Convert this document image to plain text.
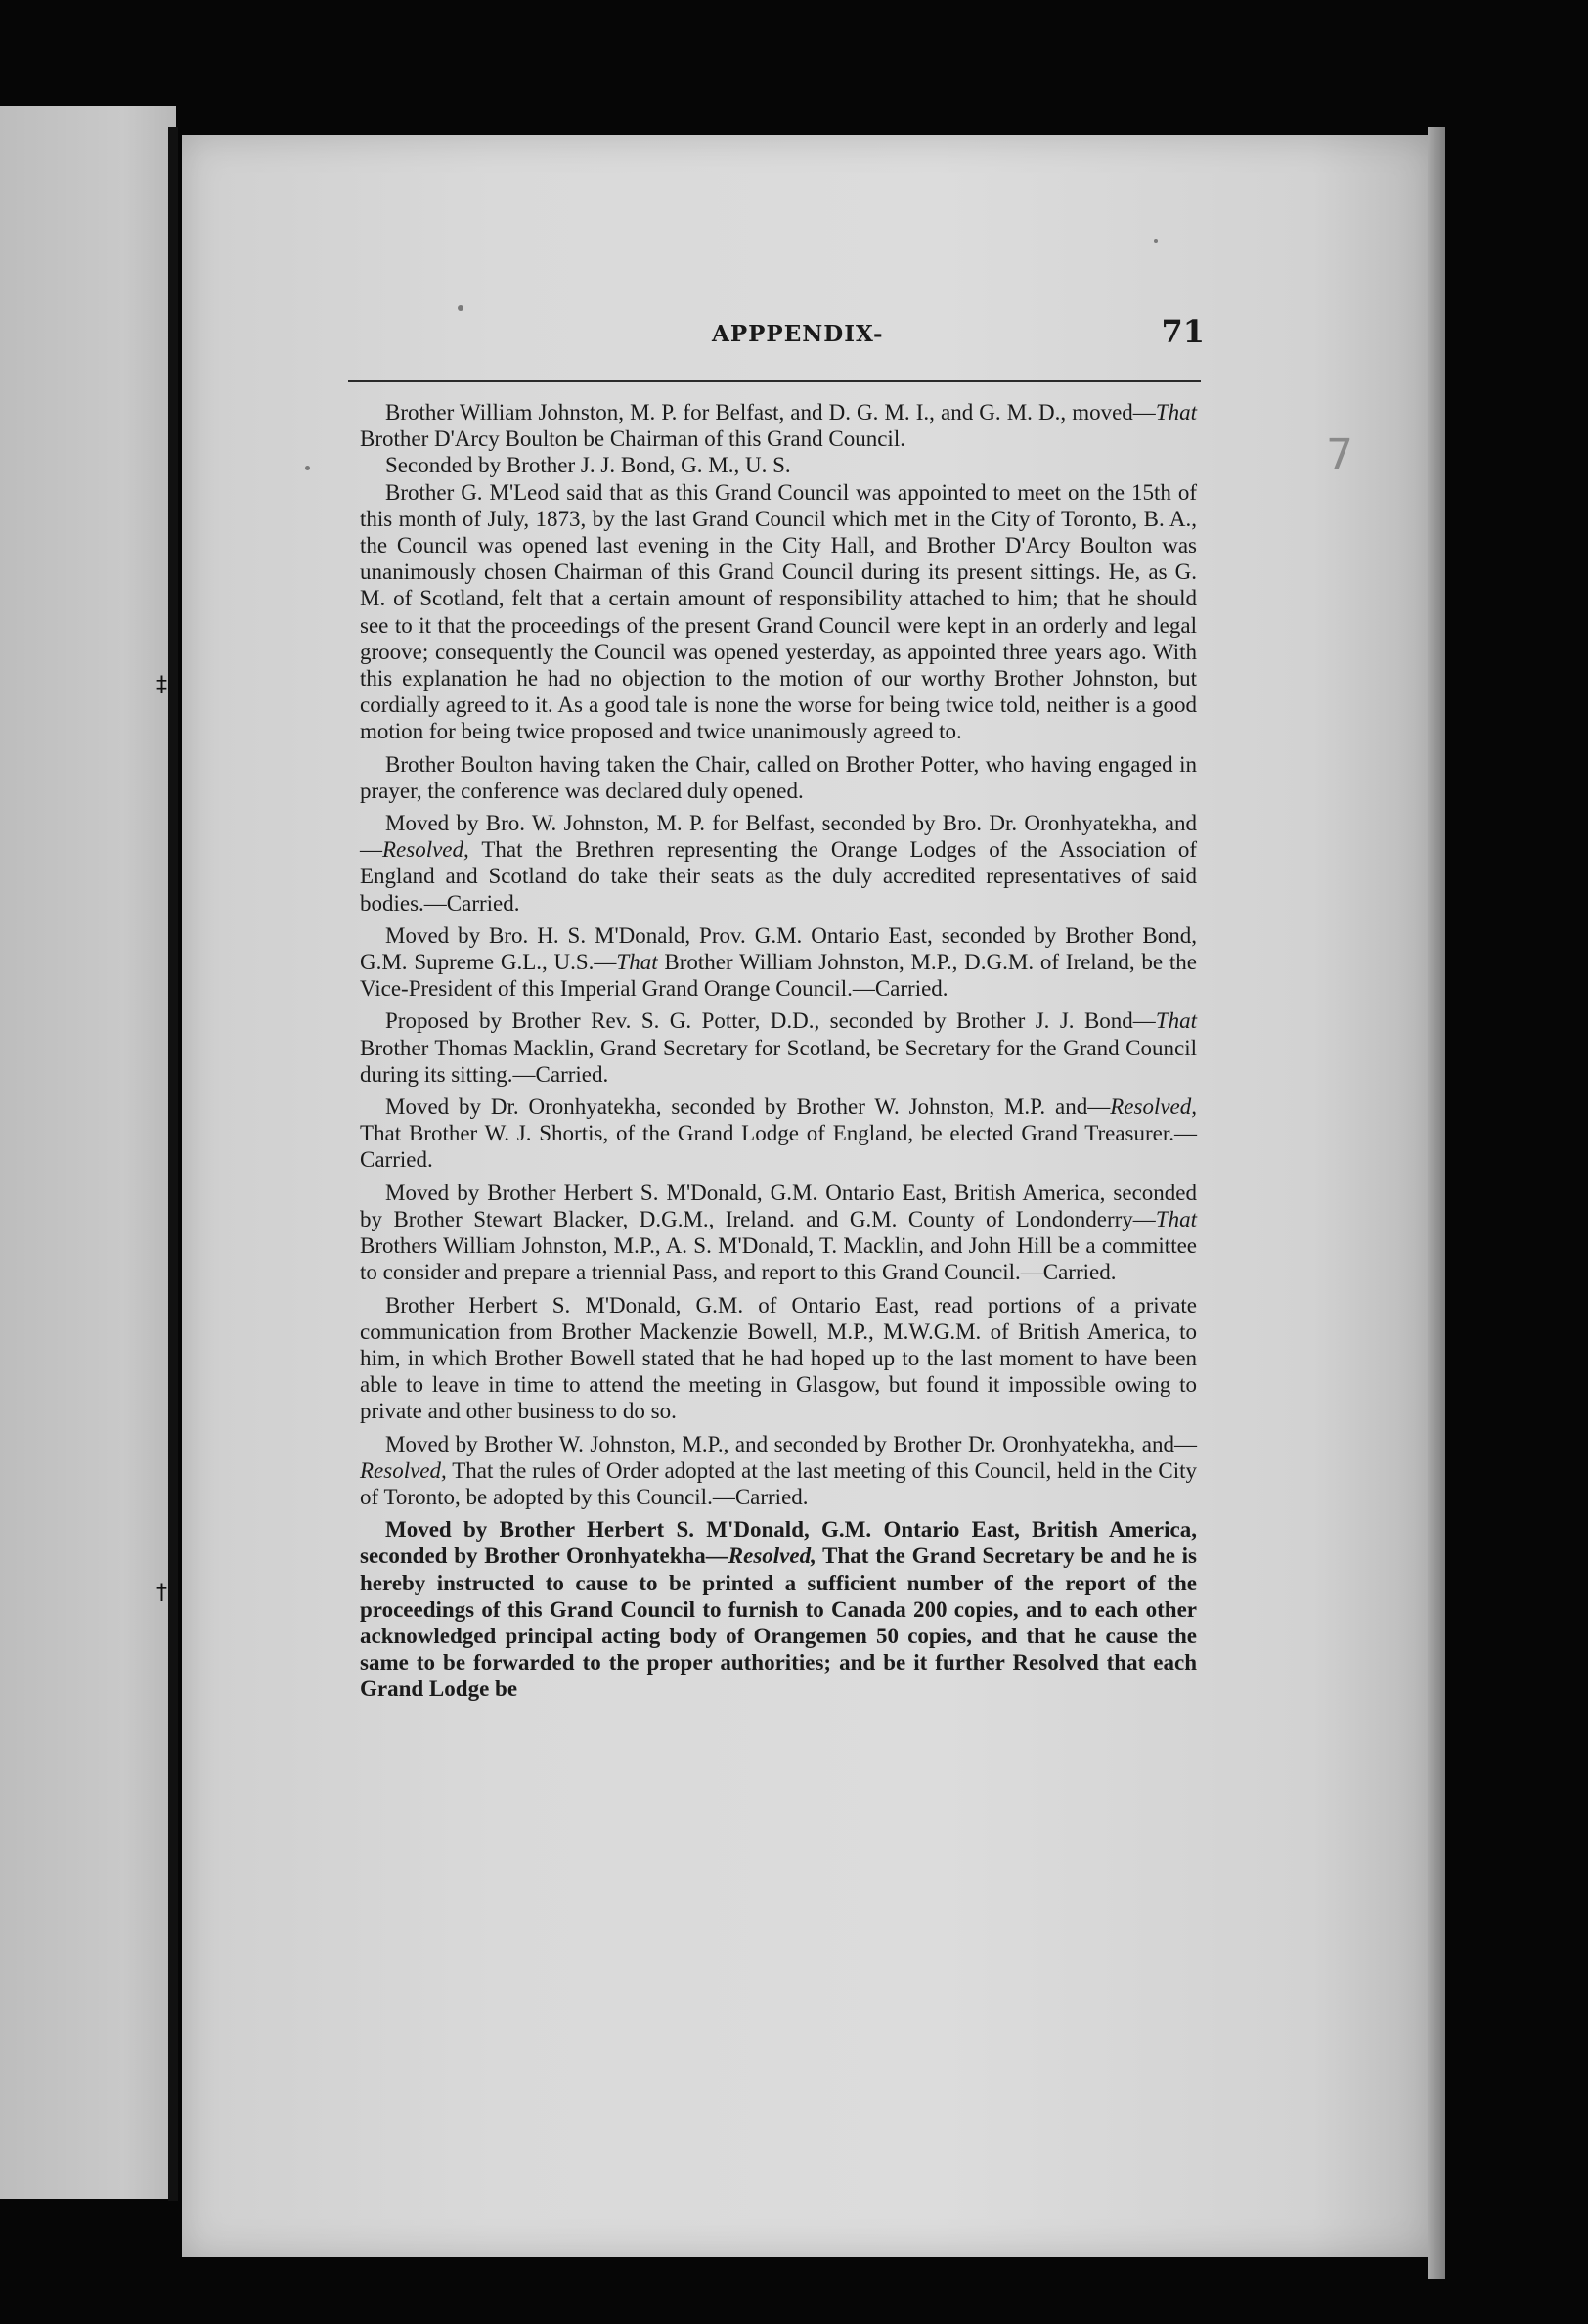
‡
†
APPPENDIX-	71
7

Brother William Johnston, M. P. for Belfast, and D. G. M. I., and G. M. D., moved—That Brother D'Arcy Boulton be Chairman of this Grand Council.

Seconded by Brother J. J. Bond, G. M., U. S.

Brother G. M'Leod said that as this Grand Council was appointed to meet on the 15th of this month of July, 1873, by the last Grand Council which met in the City of Toronto, B. A., the Council was opened last evening in the City Hall, and Brother D'Arcy Boulton was unanimously chosen Chairman of this Grand Council during its present sittings. He, as G. M. of Scotland, felt that a certain amount of responsibility attached to him; that he should see to it that the proceedings of the present Grand Council were kept in an orderly and legal groove; consequently the Council was opened yesterday, as appointed three years ago. With this explanation he had no objection to the motion of our worthy Brother Johnston, but cordially agreed to it. As a good tale is none the worse for being twice told, neither is a good motion for being twice proposed and twice unanimously agreed to.

Brother Boulton having taken the Chair, called on Brother Potter, who having engaged in prayer, the conference was declared duly opened.

Moved by Bro. W. Johnston, M. P. for Belfast, seconded by Bro. Dr. Oronhyatekha, and—Resolved, That the Brethren representing the Orange Lodges of the Association of England and Scotland do take their seats as the duly accredited representatives of said bodies.—Carried.

Moved by Bro. H. S. M'Donald, Prov. G.M. Ontario East, seconded by Brother Bond, G.M. Supreme G.L., U.S.—That Brother William Johnston, M.P., D.G.M. of Ireland, be the Vice-President of this Imperial Grand Orange Council.—Carried.

Proposed by Brother Rev. S. G. Potter, D.D., seconded by Brother J. J. Bond—That Brother Thomas Macklin, Grand Secretary for Scotland, be Secretary for the Grand Council during its sitting.—Carried.

Moved by Dr. Oronhyatekha, seconded by Brother W. Johnston, M.P. and—Resolved, That Brother W. J. Shortis, of the Grand Lodge of England, be elected Grand Treasurer.—Carried.

Moved by Brother Herbert S. M'Donald, G.M. Ontario East, British America, seconded by Brother Stewart Blacker, D.G.M., Ireland. and G.M. County of Londonderry—That Brothers William Johnston, M.P., A. S. M'Donald, T. Macklin, and John Hill be a committee to consider and prepare a triennial Pass, and report to this Grand Council.—Carried.

Brother Herbert S. M'Donald, G.M. of Ontario East, read portions of a private communication from Brother Mackenzie Bowell, M.P., M.W.G.M. of British America, to him, in which Brother Bowell stated that he had hoped up to the last moment to have been able to leave in time to attend the meeting in Glasgow, but found it impossible owing to private and other business to do so.

Moved by Brother W. Johnston, M.P., and seconded by Brother Dr. Oronhyatekha, and—Resolved, That the rules of Order adopted at the last meeting of this Council, held in the City of Toronto, be adopted by this Council.—Carried.

Moved by Brother Herbert S. M'Donald, G.M. Ontario East, British America, seconded by Brother Oronhyatekha—Resolved, That the Grand Secretary be and he is hereby instructed to cause to be printed a sufficient number of the report of the proceedings of this Grand Council to furnish to Canada 200 copies, and to each other acknowledged principal acting body of Orangemen 50 copies, and that he cause the same to be forwarded to the proper authorities; and be it further Resolved that each Grand Lodge be
